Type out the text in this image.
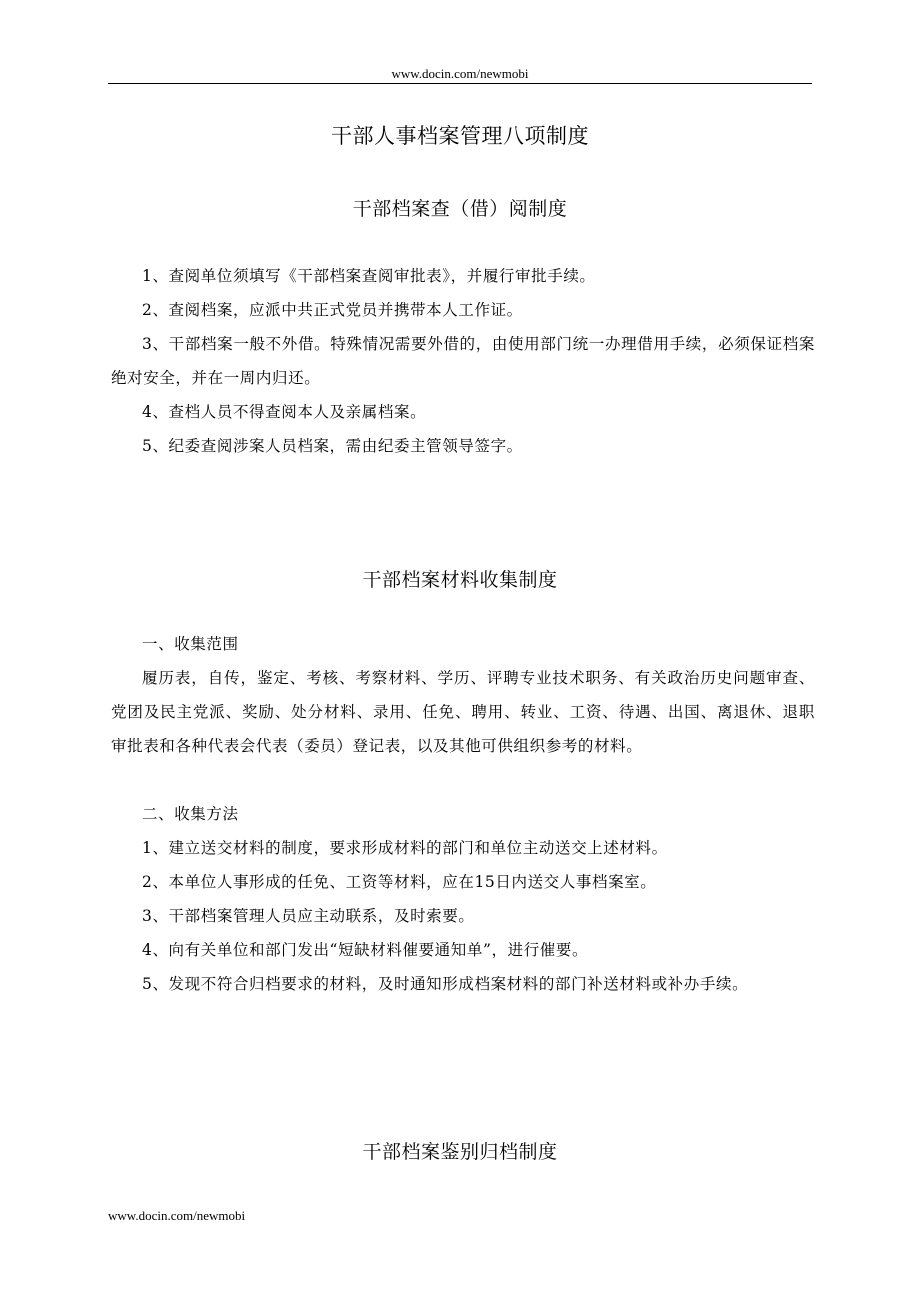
www.docin.com/newmobi
干部人事档案管理八项制度
干部档案查（借）阅制度

1、查阅单位须填写《干部档案查阅审批表》，并履行审批手续。

2、查阅档案，应派中共正式党员并携带本人工作证。

3、干部档案一般不外借。特殊情况需要外借的，由使用部门统一办理借用手续，必须保证档案绝对安全，并在一周内归还。

4、查档人员不得查阅本人及亲属档案。

5、纪委查阅涉案人员档案，需由纪委主管领导签字。

干部档案材料收集制度

一、收集范围

履历表，自传，鉴定、考核、考察材料、学历、评聘专业技术职务、有关政治历史问题审查、党团及民主党派、奖励、处分材料、录用、任免、聘用、转业、工资、待遇、出国、离退休、退职审批表和各种代表会代表（委员）登记表，以及其他可供组织参考的材料。

二、收集方法

1、建立送交材料的制度，要求形成材料的部门和单位主动送交上述材料。

2、本单位人事形成的任免、工资等材料，应在15日内送交人事档案室。

3、干部档案管理人员应主动联系，及时索要。

4、向有关单位和部门发出“短缺材料催要通知单”，进行催要。

5、发现不符合归档要求的材料，及时通知形成档案材料的部门补送材料或补办手续。

干部档案鉴别归档制度
www.docin.com/newmobi
